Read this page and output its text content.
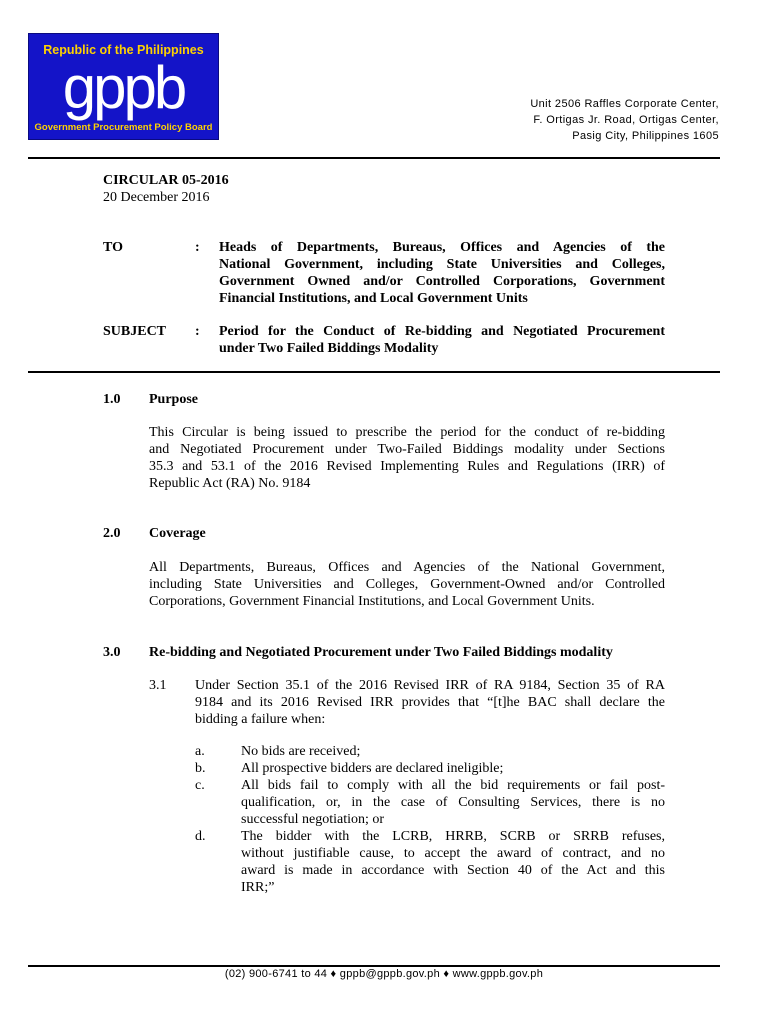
Republic of the Philippines
gppb
Government Procurement Policy Board
Unit 2506 Raffles Corporate Center,
F. Ortigas Jr. Road, Ortigas Center,
Pasig City, Philippines 1605
CIRCULAR 05-2016
20 December 2016
TO	: Heads of Departments, Bureaus, Offices and Agencies of the
National Government, including State Universities and Colleges,
Government Owned and/or Controlled Corporations, Government
Financial Institutions, and Local Government Units
SUBJECT : Period for the Conduct of Re-bidding and Negotiated Procurement
under Two Failed Biddings Modality
1.0 Purpose
This Circular is being issued to prescribe the period for the conduct of re-bidding
and Negotiated Procurement under Two-Failed Biddings modality under Sections
35.3 and 53.1 of the 2016 Revised Implementing Rules and Regulations (IRR) of
Republic Act (RA) No. 9184
2.0 Coverage
All Departments, Bureaus, Offices and Agencies of the National Government,
including State Universities and Colleges, Government-Owned and/or Controlled
Corporations, Government Financial Institutions, and Local Government Units.
3.0 Re-bidding and Negotiated Procurement under Two Failed Biddings modality
3.1 Under Section 35.1 of the 2016 Revised IRR of RA 9184, Section 35 of RA
9184 and its 2016 Revised IRR provides that “[t]he BAC shall declare the
bidding a failure when:
a.	No bids are received;
b.	All prospective bidders are declared ineligible;
c.	All bids fail to comply with all the bid requirements or fail post-
qualification, or, in the case of Consulting Services, there is no
successful negotiation; or
d.	The bidder with the LCRB, HRRB, SCRB or SRRB refuses,
without justifiable cause, to accept the award of contract, and no
award is made in accordance with Section 40 of the Act and this
IRR;”
(02) 900-6741 to 44 ♦ gppb@gppb.gov.ph ♦ www.gppb.gov.ph
